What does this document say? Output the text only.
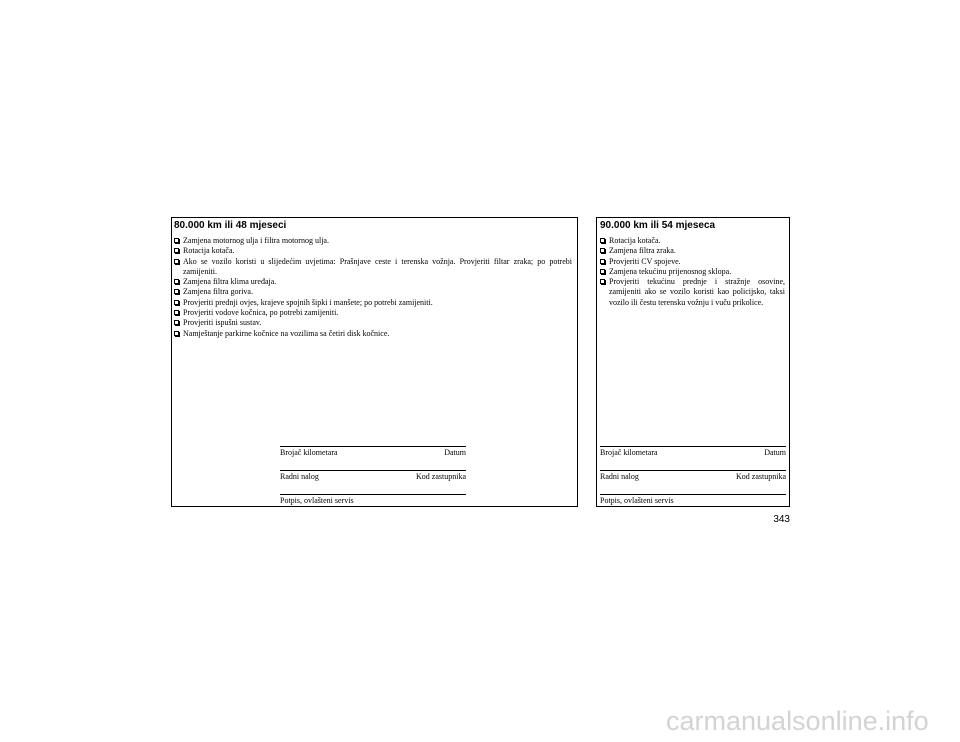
80.000 km ili 48 mjeseci
Zamjena motornog ulja i filtra motornog ulja.
Rotacija kotača.
Ako se vozilo koristi u slijedećim uvjetima: Prašnjave ceste i terenska vožnja. Provjeriti filtar zraka; po potrebi zamijeniti.
Zamjena filtra klima uređaja.
Zamjena filtra goriva.
Provjeriti prednji ovjes, krajeve spojnih šipki i manšete; po potrebi zamijeniti.
Provjeriti vodove kočnica, po potrebi zamijeniti.
Provjeriti ispušni sustav.
Namještanje parkirne kočnice na vozilima sa četiri disk kočnice.
Brojač kilometara	Datum
Radni nalog	Kod zastupnika
Potpis, ovlašteni servis
90.000 km ili 54 mjeseca
Rotacija kotača.
Zamjena filtra zraka.
Provjeriti CV spojeve.
Zamjena tekućinu prijenosnog sklopa.
Provjeriti tekućinu prednje i stražnje osovine, zamijeniti ako se vozilo koristi kao policijsko, taksi vozilo ili čestu terensku vožnju i vuču prikolice.
Brojač kilometara	Datum
Radni nalog	Kod zastupnika
Potpis, ovlašteni servis
343
carmanualsonline.info
